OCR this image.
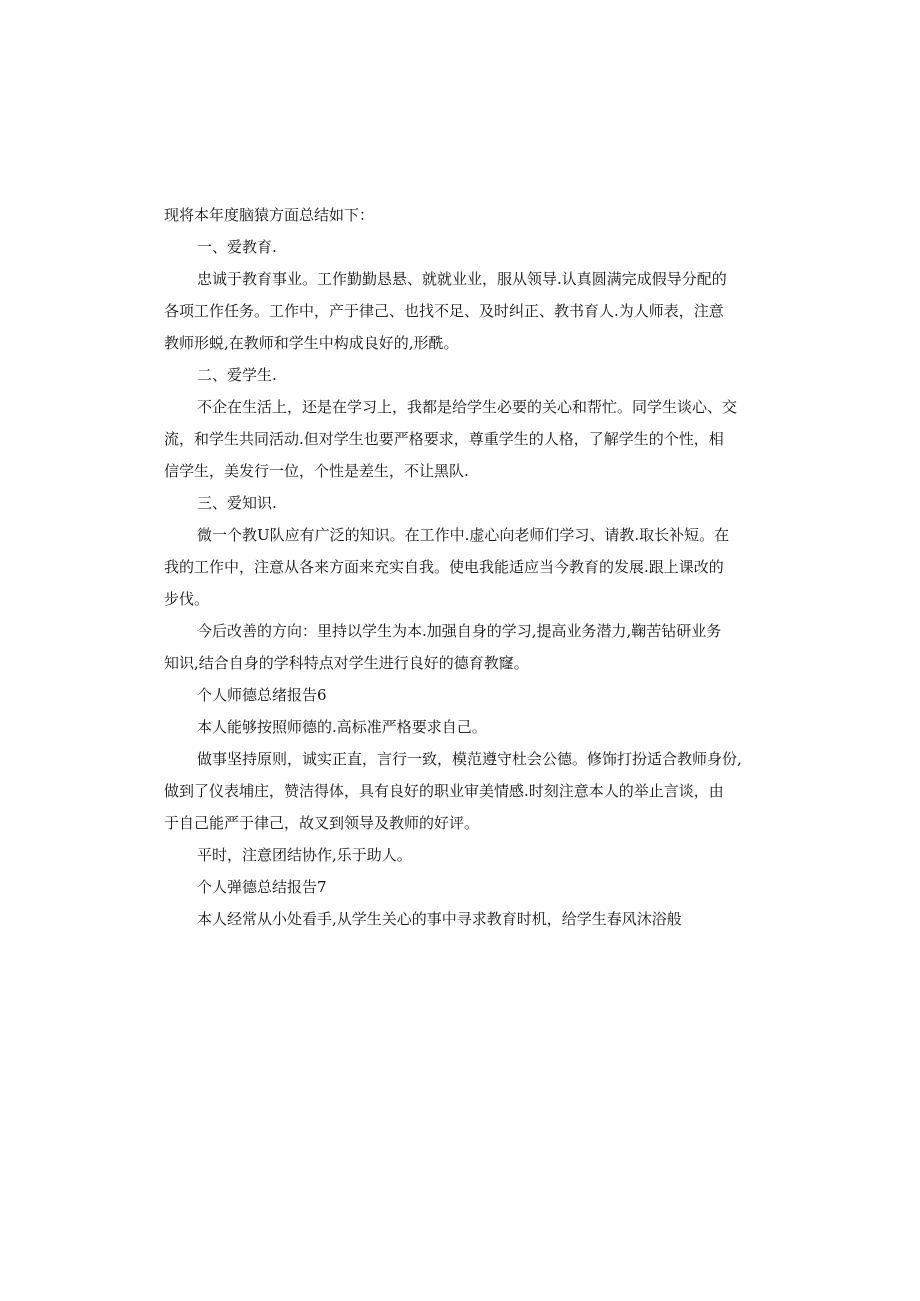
现将本年度脑猿方面总结如下：

一、爱教育.

忠诚于教育事业。工作勤勤恳悬、就就业业，服从领导.认真圆满完成假导分配的

各项工作任务。工作中，产于律己、也找不足、及时纠正、教书育人.为人师表，注意

教师形蜕,在教师和学生中构成良好的,形酰。

二、爱学生.

不企在生活上，还是在学习上，我都是给学生必要的关心和帮忙。同学生谈心、交

流，和学生共同活动.但对学生也要严格要求，尊重学生的人格，了解学生的个性，相

信学生，美发行一位，个性是差生，不让黑队.

三、爱知识.

微一个教U队应有广泛的知识。在工作中.虚心向老师们学习、请教.取长补短。在

我的工作中，注意从各来方面来充实自我。使电我能适应当今教育的发展.跟上课改的

步伐。

今后改善的方向：里持以学生为本.加强自身的学习,提高业务潜力,鞠苦钻研业务

知识,结合自身的学科特点对学生进行良好的德育教窿。

个人师德总绪报告6

本人能够按照师德的.高标准严格要求自己。

做事坚持原则，诚实正直，言行一致，模范遵守杜会公德。修饰打扮适合教师身份,

做到了仪表埔庄，赞洁得体，具有良好的职业审美情感.时刻注意本人的举止言谈，由

于自己能严于律己，故叉到领导及教师的好评。

平时，注意团结协作,乐于助人。

个人弹德总结报告7

本人经常从小处看手,从学生关心的事中寻求教育时机，给学生春风沐浴般
